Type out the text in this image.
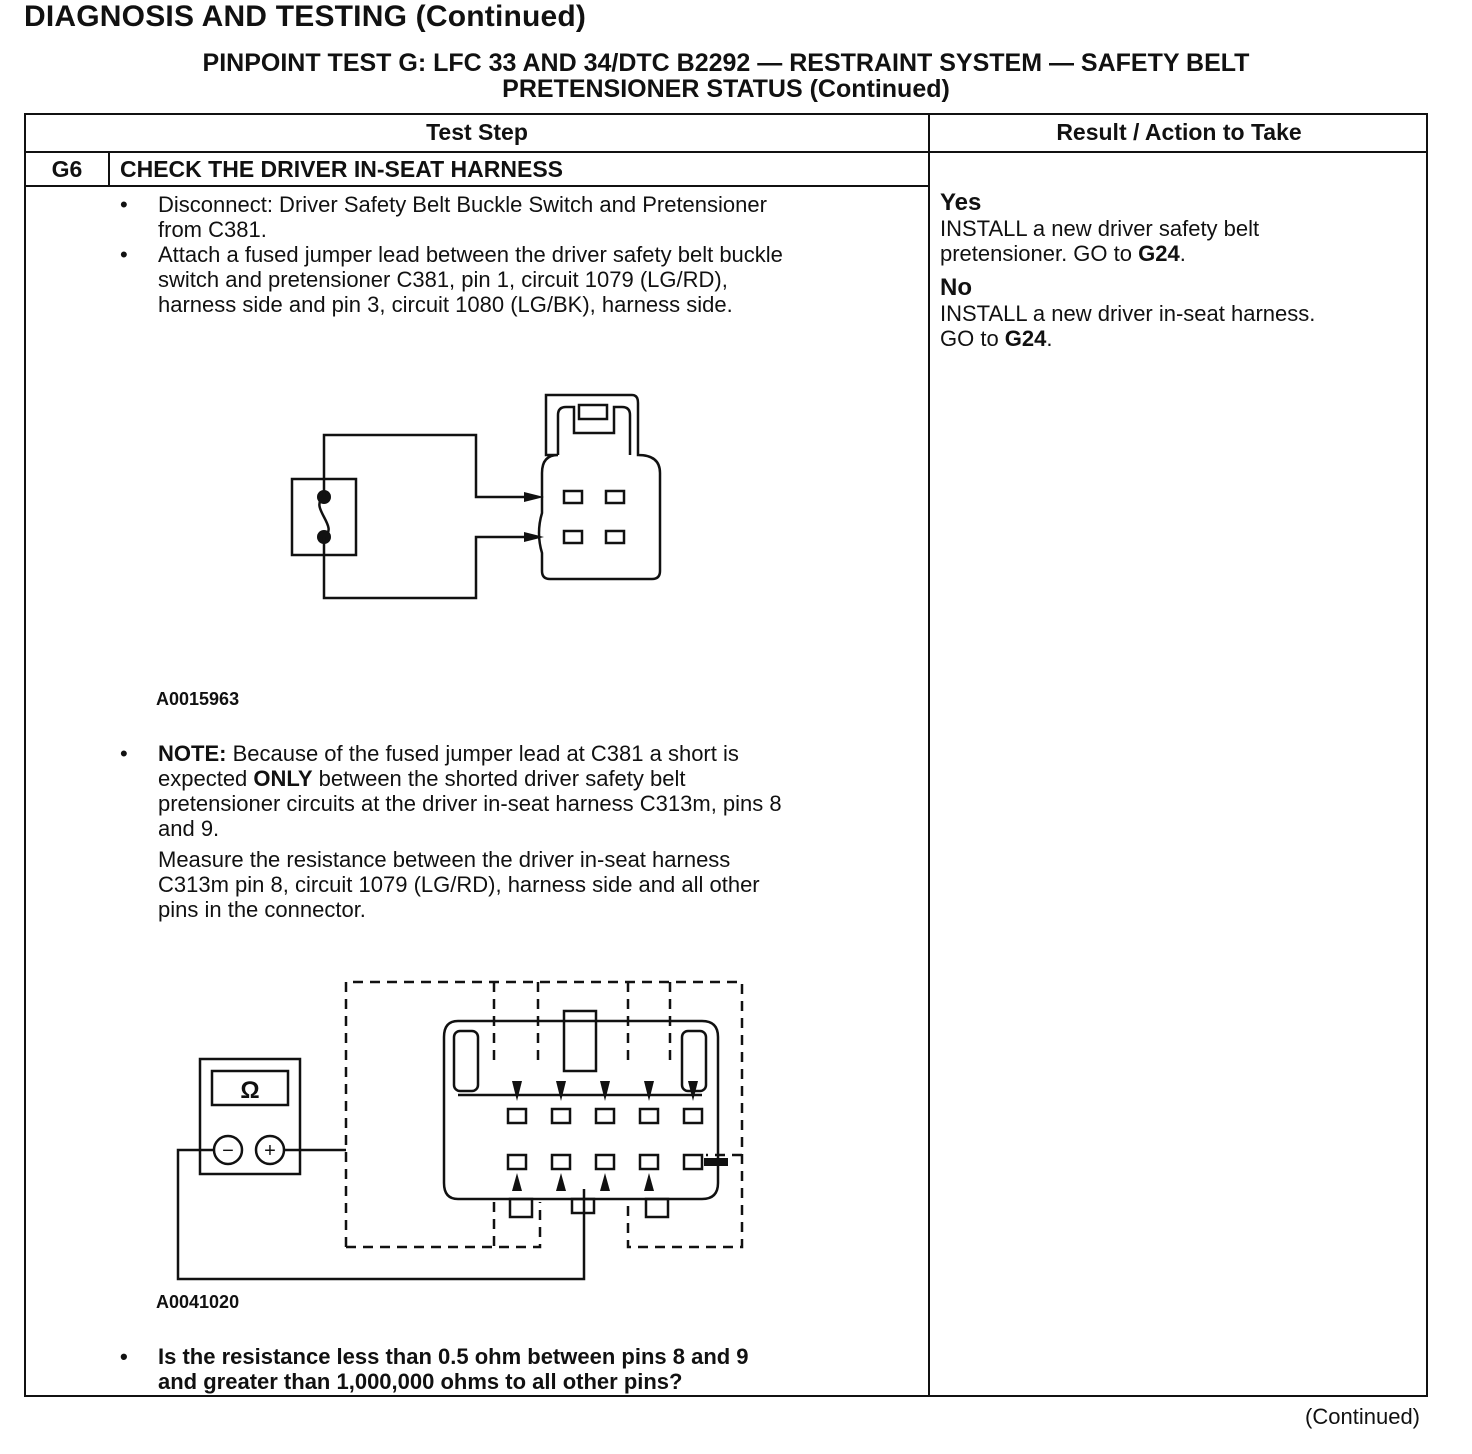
DIAGNOSIS AND TESTING (Continued)
PINPOINT TEST G: LFC 33 AND 34/DTC B2292 — RESTRAINT SYSTEM — SAFETY BELT
PRETENSIONER STATUS (Continued)
Test Step	Result / Action to Take
G6	CHECK THE DRIVER IN-SEAT HARNESS
• Disconnect: Driver Safety Belt Buckle Switch and Pretensioner
from C381.
• Attach a fused jumper lead between the driver safety belt buckle
switch and pretensioner C381, pin 1, circuit 1079 (LG/RD),
harness side and pin 3, circuit 1080 (LG/BK), harness side.
A0015963
• NOTE: Because of the fused jumper lead at C381 a short is
expected ONLY between the shorted driver safety belt
pretensioner circuits at the driver in-seat harness C313m, pins 8
and 9.
Measure the resistance between the driver in-seat harness
C313m pin 8, circuit 1079 (LG/RD), harness side and all other
pins in the connector.
Ω
− +
A0041020
• Is the resistance less than 0.5 ohm between pins 8 and 9
and greater than 1,000,000 ohms to all other pins?
Yes
INSTALL a new driver safety belt
pretensioner. GO to G24.
No
INSTALL a new driver in-seat harness.
GO to G24.
(Continued)
